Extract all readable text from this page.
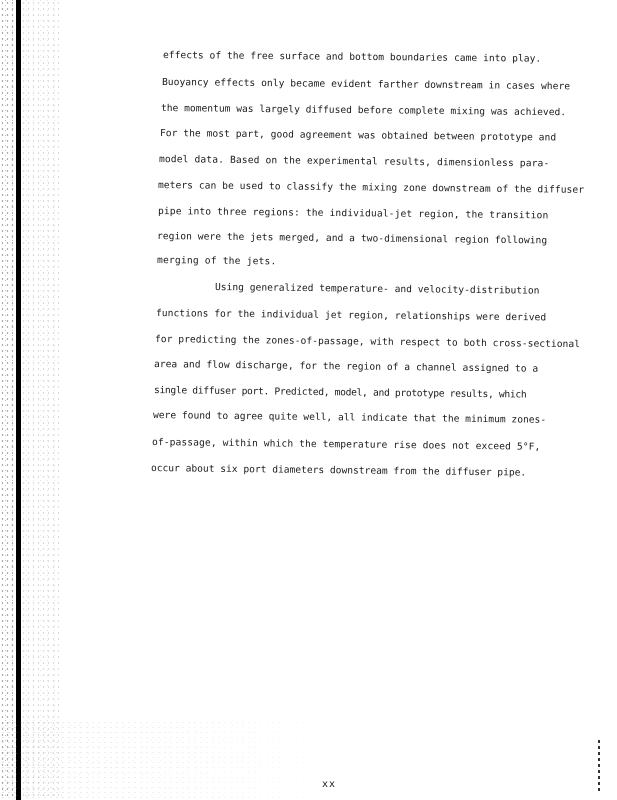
effects of the free surface and bottom boundaries came into play.
Buoyancy effects only became evident farther downstream in cases where
the momentum was largely diffused before complete mixing was achieved.
For the most part, good agreement was obtained between prototype and
model data. Based on the experimental results, dimensionless para-
meters can be used to classify the mixing zone downstream of the diffuser
pipe into three regions: the individual-jet region, the transition
region were the jets merged, and a two-dimensional region following
merging of the jets.
Using generalized temperature- and velocity-distribution
functions for the individual jet region, relationships were derived
for predicting the zones-of-passage, with respect to both cross-sectional
area and flow discharge, for the region of a channel assigned to a
single diffuser port. Predicted, model, and prototype results, which
were found to agree quite well, all indicate that the minimum zones-
of-passage, within which the temperature rise does not exceed 5°F,
occur about six port diameters downstream from the diffuser pipe.
xx
